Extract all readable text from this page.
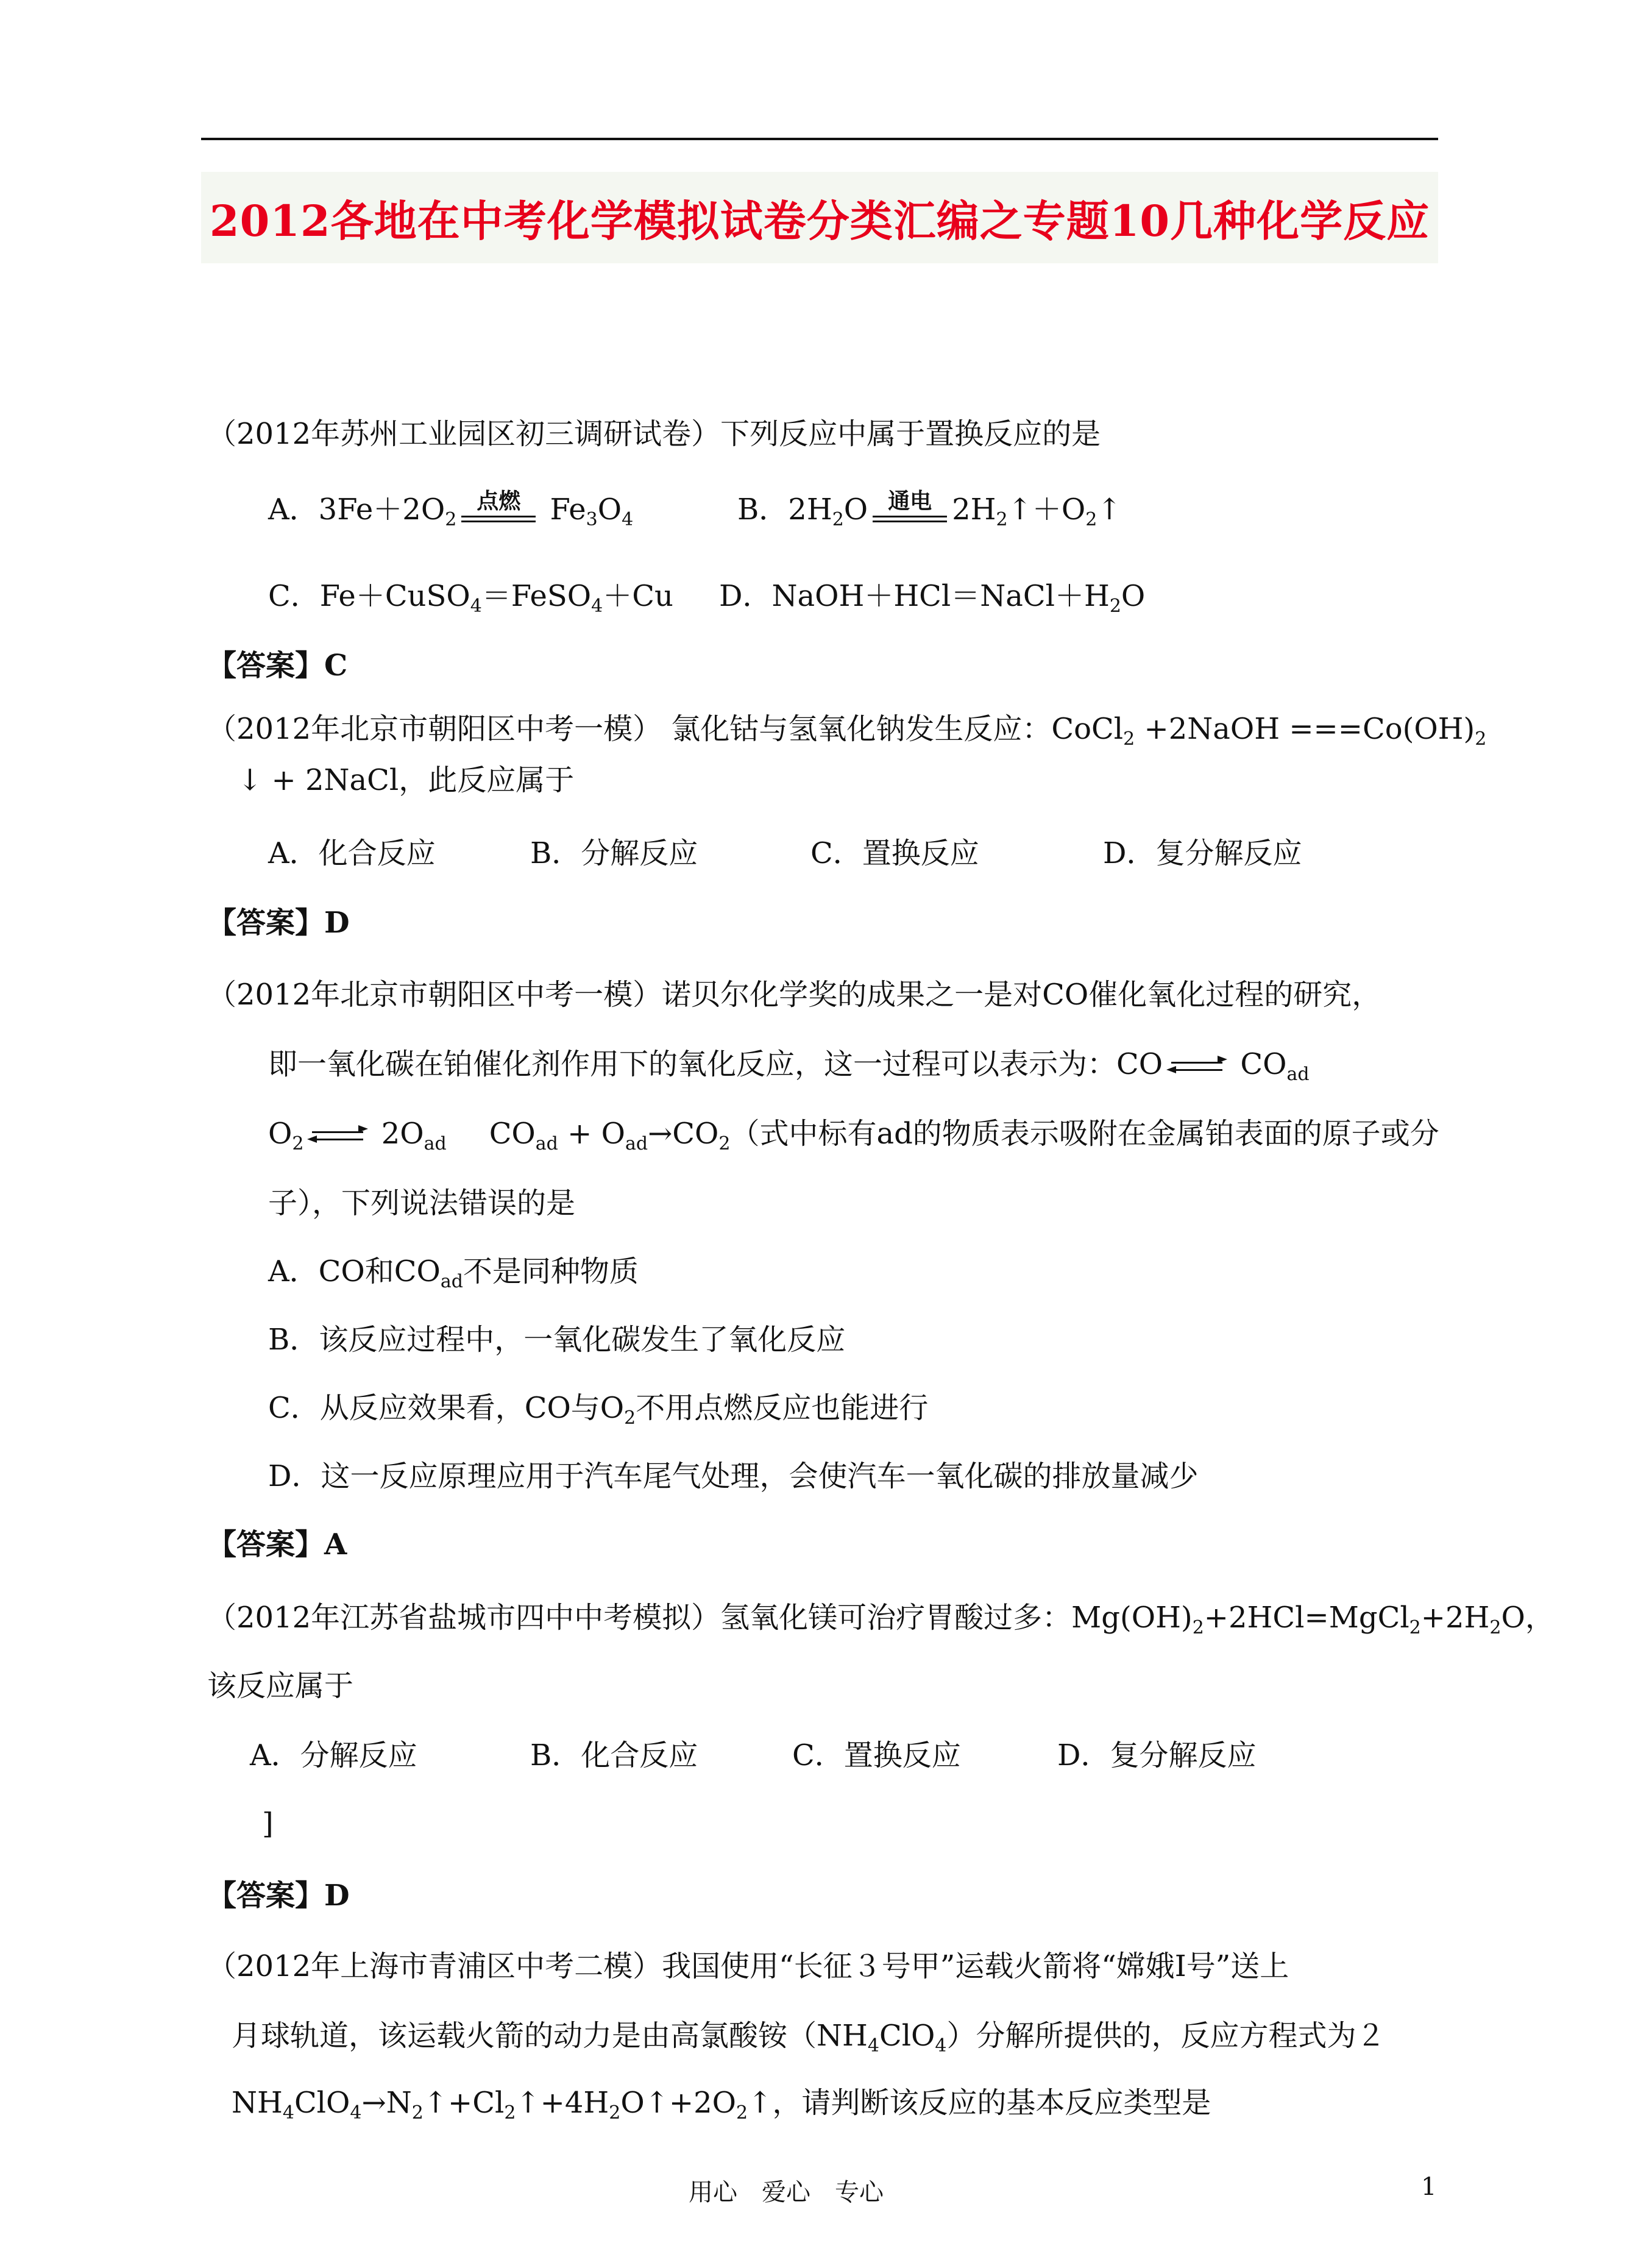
2012各地在中考化学模拟试卷分类汇编之专题10几种化学反应
（2012年苏州工业园区初三调研试卷）下列反应中属于置换反应的是
A．$3Fe+2O_2$
点燃 $Fe_3O_4$	B．$2H_2O$ 通电 $2H_2↑+O_2↑$
C．Fe＋CuSO$_4$＝FeSO$_4$＋Cu D．$NaOH+HCl=NaCl+H_2O$
【答案】C
（2012年北京市朝阳区中考一模） 氯化钴与氢氧化钠发生反应：CoCl$_2$ +2NaOH $===Co(OH)_2$
↓ + 2NaCl，此反应属于
A．化合反应	B．分解反应	C．置换反应	D．复分解反应
【答案】D
（2012年北京市朝阳区中考一模）诺贝尔化学奖的成果之一是对CO催化氧化过程的研究，
即一氧化碳在铂催化剂作用下的氧化反应，这一过程可以表示为：CO
$CO_{ad}$
$O_2$
$2O_{ad}$ $CO_{ad} + O_{ad}\to CO_2$（式中标有ad的物质表示吸附在金属铂表面的原子或分
子），下列说法错误的是
A．CO和$CO_{ad}$不是同种物质
B．该反应过程中，一氧化碳发生了氧化反应
C．从反应效果看，CO与$O_2$不用点燃反应也能进行
D．这一反应原理应用于汽车尾气处理，会使汽车一氧化碳的排放量减少
【答案】A
（2012年江苏省盐城市四中中考模拟）氢氧化镁可治疗胃酸过多：$Mg(OH)_2+2HCl=MgCl_2+2H_2O$，
该反应属于
A．分解反应	B．化合反应	C．置换反应	D．复分解反应
]
【答案】D
（2012年上海市青浦区中考二模）我国使用“长征３号甲”运载火箭将“嫦娥Ⅰ号”送上
月球轨道，该运载火箭的动力是由高氯酸铵$(NH_4ClO_4)$分解所提供的，反应方程式为２
$NH_4ClO_4\to N_2↑+Cl_2↑+4H_2O↑+2O_2↑$，请判断该反应的基本反应类型是
用心　爱心　专心	1
